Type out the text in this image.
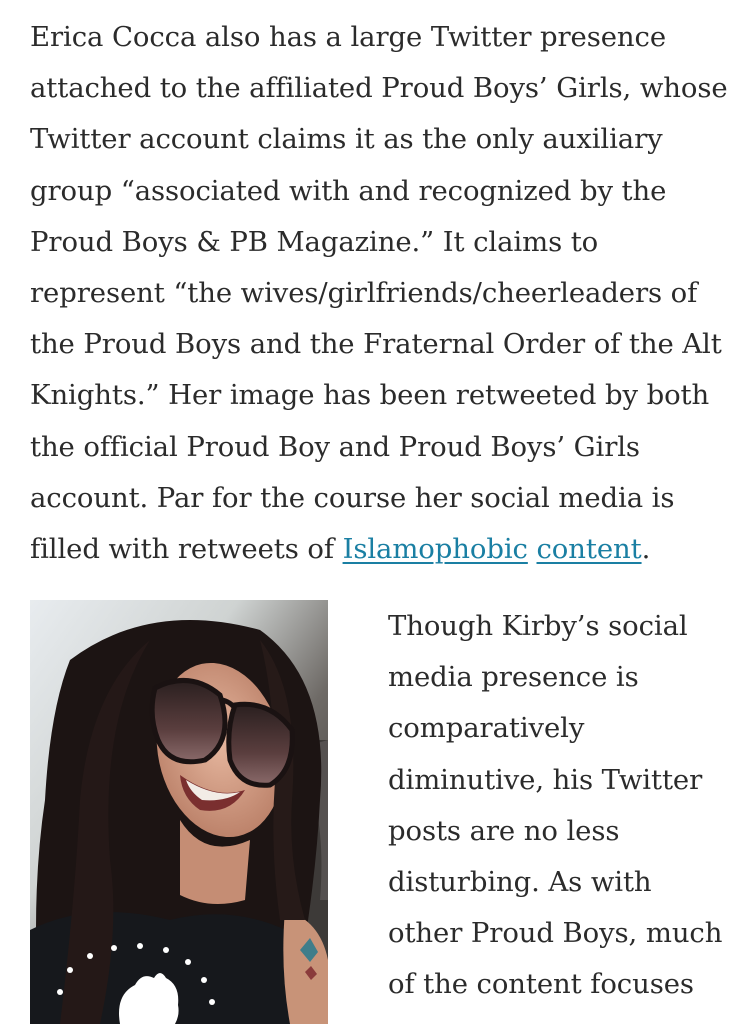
Erica Cocca also has a large Twitter presence
attached to the affiliated Proud Boys’ Girls, whose
Twitter account claims it as the only auxiliary
group “associated with and recognized by the
Proud Boys & PB Magazine.” It claims to
represent “the wives/girlfriends/cheerleaders of
the Proud Boys and the Fraternal Order of the Alt
Knights.” Her image has been retweeted by both
the official Proud Boy and Proud Boys’ Girls
account. Par for the course her social media is
filled with retweets of Islamophobic content.

Though Kirby’s social
media presence is
comparatively
diminutive, his Twitter
posts are no less
disturbing. As with
other Proud Boys, much
of the content focuses
